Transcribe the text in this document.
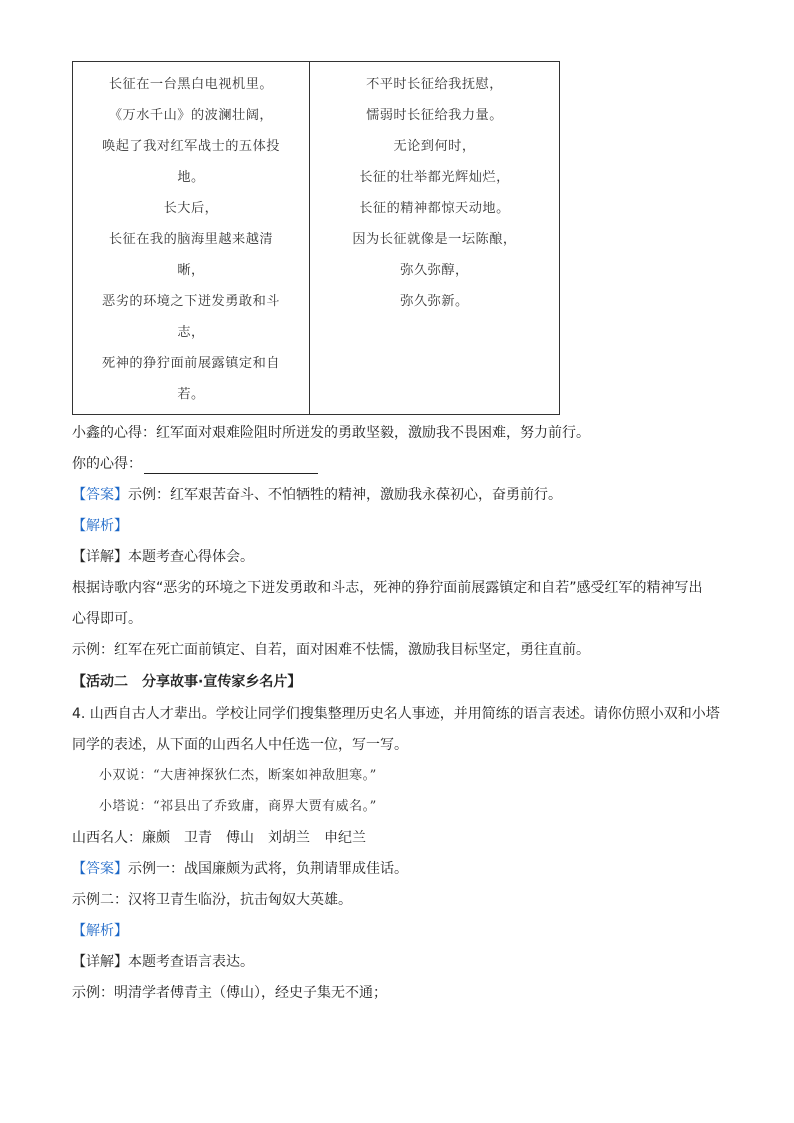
长征在一台黑白电视机里。
《万水千山》的波澜壮阔，
唤起了我对红军战士的五体投
地。
长大后，
长征在我的脑海里越来越清
晰，
恶劣的环境之下迸发勇敢和斗
志，
死神的狰狞面前展露镇定和自
若。
不平时长征给我抚慰，
懦弱时长征给我力量。
无论到何时，
长征的壮举都光辉灿烂，
长征的精神都惊天动地。
因为长征就像是一坛陈酿，
弥久弥醇，
弥久弥新。
小鑫的心得：红军面对艰难险阻时所迸发的勇敢坚毅，激励我不畏困难，努力前行。
你的心得：
【答案】示例：红军艰苦奋斗、不怕牺牲的精神，激励我永葆初心，奋勇前行。
【解析】
【详解】本题考查心得体会。
根据诗歌内容“恶劣的环境之下迸发勇敢和斗志，死神的狰狞面前展露镇定和自若”感受红军的精神写出
心得即可。
示例：红军在死亡面前镇定、自若，面对困难不怯懦，激励我目标坚定，勇往直前。
【活动二　分享故事·宣传家乡名片】
4. 山西自古人才辈出。学校让同学们搜集整理历史名人事迹，并用简练的语言表述。请你仿照小双和小塔
同学的表述，从下面的山西名人中任选一位，写一写。
小双说：“大唐神探狄仁杰，断案如神敌胆寒。”
小塔说：“祁县出了乔致庸，商界大贾有威名。”
山西名人：廉颇　卫青　傅山　刘胡兰　申纪兰
【答案】示例一：战国廉颇为武将，负荆请罪成佳话。
示例二：汉将卫青生临汾，抗击匈奴大英雄。
【解析】
【详解】本题考查语言表达。
示例：明清学者傅青主（傅山），经史子集无不通；
